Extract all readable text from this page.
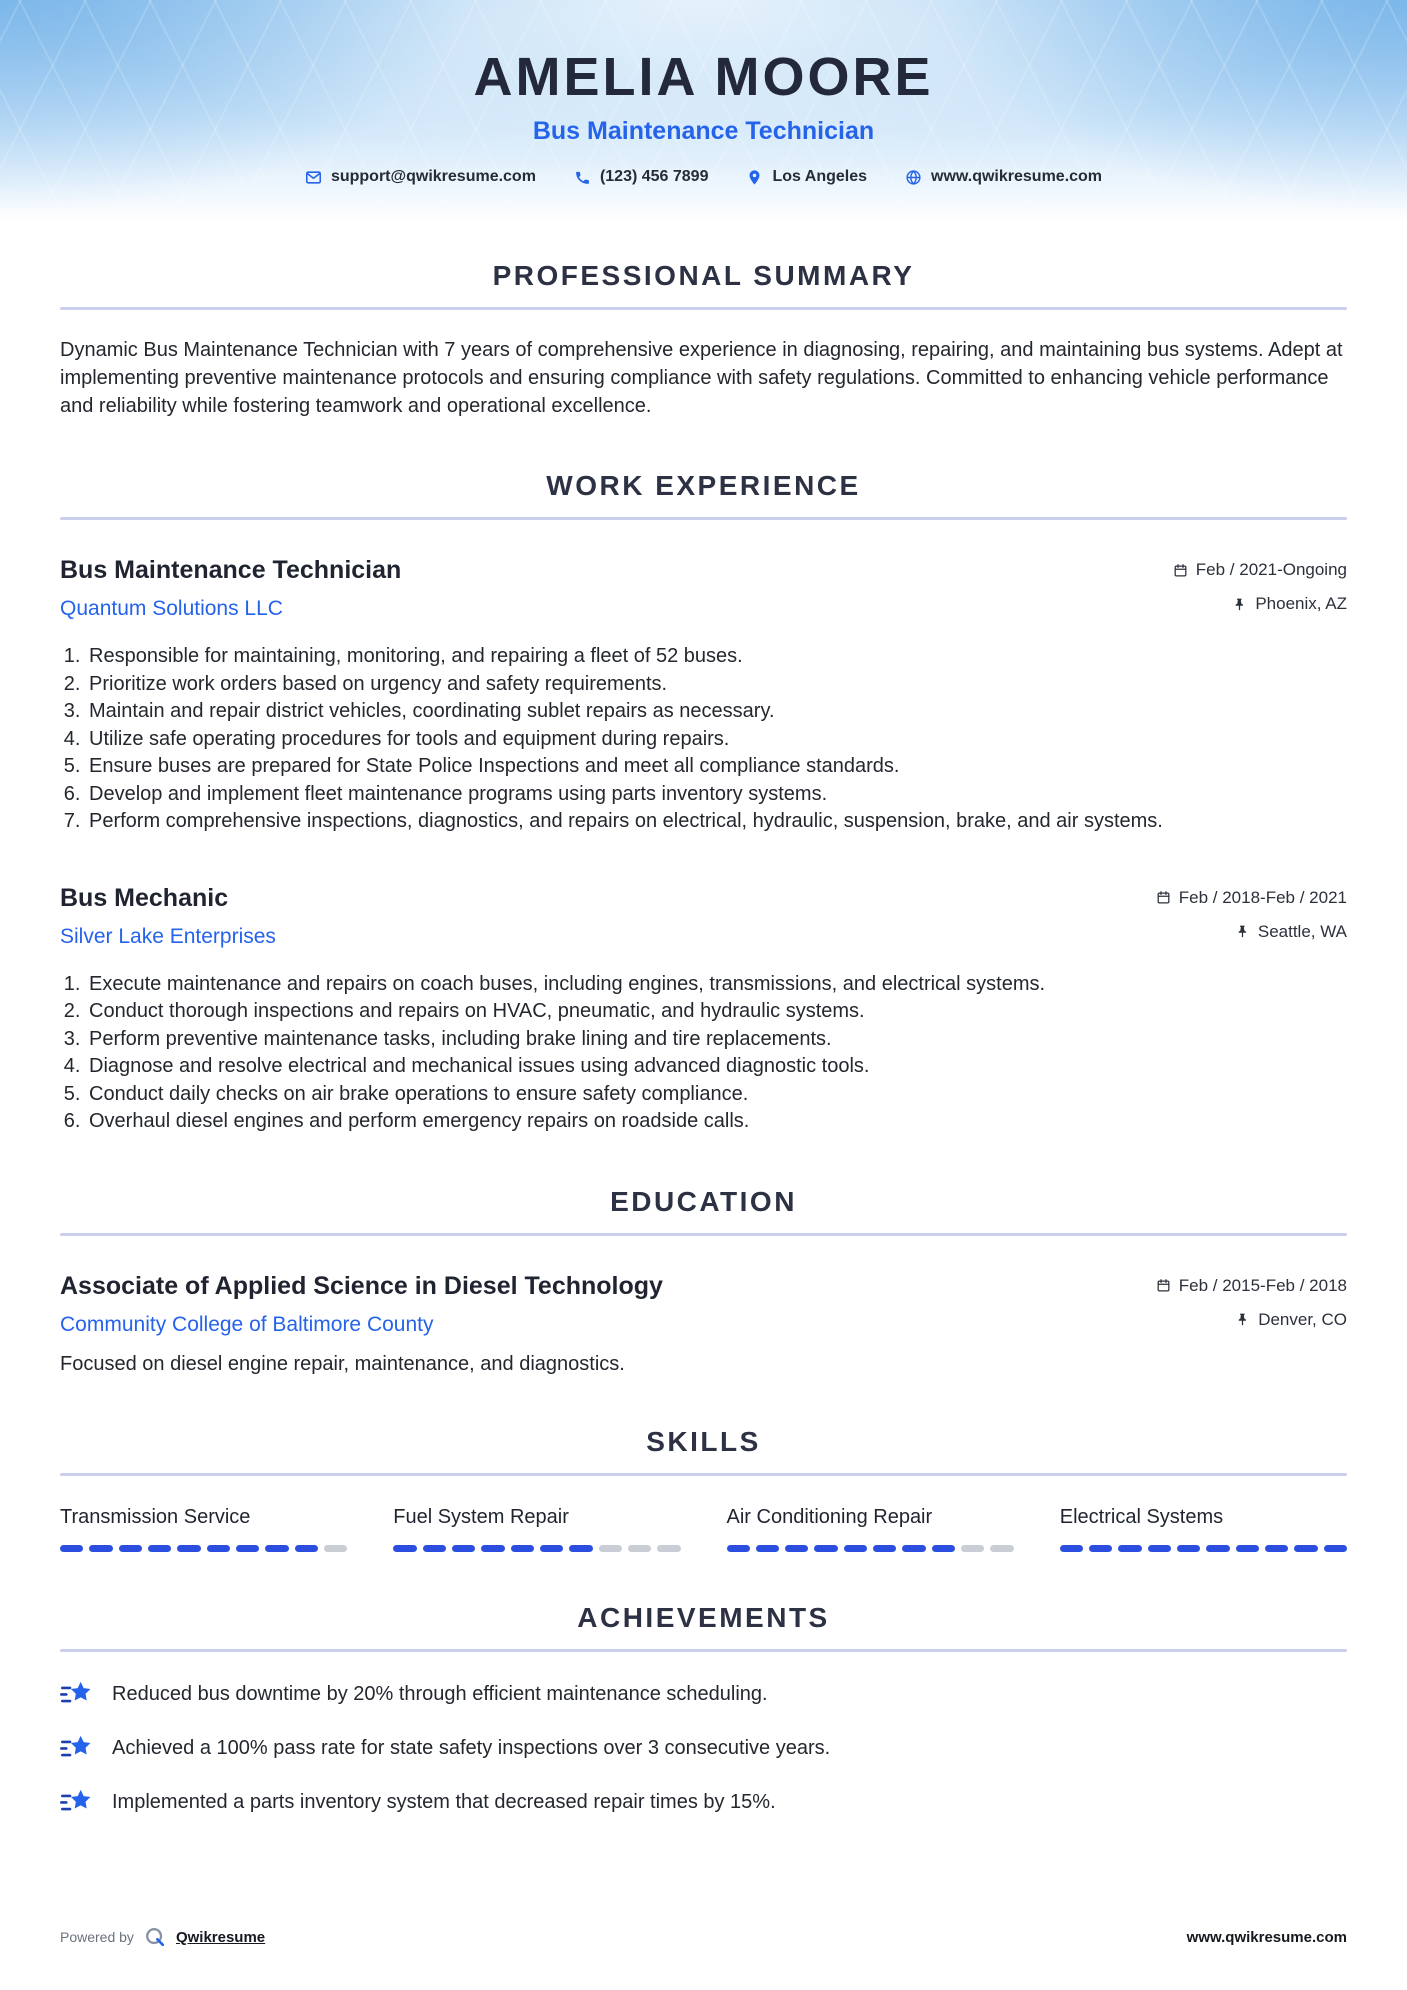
AMELIA MOORE
Bus Maintenance Technician
support@qwikresume.com	(123) 456 7899	Los Angeles	www.qwikresume.com
PROFESSIONAL SUMMARY

Dynamic Bus Maintenance Technician with 7 years of comprehensive experience in diagnosing, repairing, and maintaining bus systems. Adept at implementing preventive maintenance protocols and ensuring compliance with safety regulations. Committed to enhancing vehicle performance and reliability while fostering teamwork and operational excellence.

WORK EXPERIENCE
Bus Maintenance Technician
Quantum Solutions LLC
Feb / 2021-Ongoing
Phoenix, AZ
1. Responsible for maintaining, monitoring, and repairing a fleet of 52 buses.
2. Prioritize work orders based on urgency and safety requirements.
3. Maintain and repair district vehicles, coordinating sublet repairs as necessary.
4. Utilize safe operating procedures for tools and equipment during repairs.
5. Ensure buses are prepared for State Police Inspections and meet all compliance standards.
6. Develop and implement fleet maintenance programs using parts inventory systems.
7. Perform comprehensive inspections, diagnostics, and repairs on electrical, hydraulic, suspension, brake, and air systems.
Bus Mechanic
Silver Lake Enterprises
Feb / 2018-Feb / 2021
Seattle, WA
1. Execute maintenance and repairs on coach buses, including engines, transmissions, and electrical systems.
2. Conduct thorough inspections and repairs on HVAC, pneumatic, and hydraulic systems.
3. Perform preventive maintenance tasks, including brake lining and tire replacements.
4. Diagnose and resolve electrical and mechanical issues using advanced diagnostic tools.
5. Conduct daily checks on air brake operations to ensure safety compliance.
6. Overhaul diesel engines and perform emergency repairs on roadside calls.
EDUCATION
Associate of Applied Science in Diesel Technology
Community College of Baltimore County
Feb / 2015-Feb / 2018
Denver, CO

Focused on diesel engine repair, maintenance, and diagnostics.

SKILLS
Transmission Service	Fuel System Repair	Air Conditioning Repair	Electrical Systems
ACHIEVEMENTS
Reduced bus downtime by 20% through efficient maintenance scheduling.
Achieved a 100% pass rate for state safety inspections over 3 consecutive years.
Implemented a parts inventory system that decreased repair times by 15%.
Powered by	Qwikresume	www.qwikresume.com
